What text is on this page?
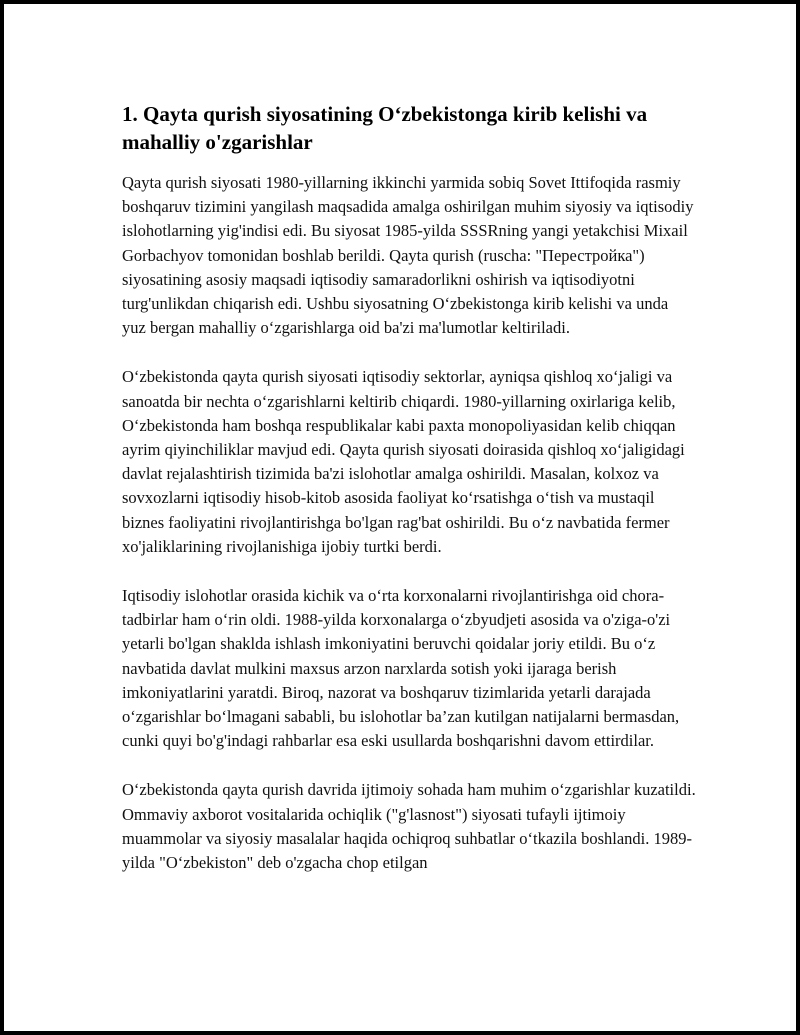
1. Qayta qurish siyosatining O‘zbekistonga kirib kelishi va mahalliy o'zgarishlar

Qayta qurish siyosati 1980-yillarning ikkinchi yarmida sobiq Sovet Ittifoqida rasmiy boshqaruv tizimini yangilash maqsadida amalga oshirilgan muhim siyosiy va iqtisodiy islohotlarning yig'indisi edi. Bu siyosat 1985-yilda SSSRning yangi yetakchisi Mixail Gorbachyov tomonidan boshlab berildi. Qayta qurish (ruscha: "Перестройка") siyosatining asosiy maqsadi iqtisodiy samaradorlikni oshirish va iqtisodiyotni turg'unlikdan chiqarish edi. Ushbu siyosatning O‘zbekistonga kirib kelishi va unda yuz bergan mahalliy o‘zgarishlarga oid ba'zi ma'lumotlar keltiriladi.

O‘zbekistonda qayta qurish siyosati iqtisodiy sektorlar, ayniqsa qishloq xo‘jaligi va sanoatda bir nechta o‘zgarishlarni keltirib chiqardi. 1980-yillarning oxirlariga kelib, O‘zbekistonda ham boshqa respublikalar kabi paxta monopoliyasidan kelib chiqqan ayrim qiyinchiliklar mavjud edi. Qayta qurish siyosati doirasida qishloq xo‘jaligidagi davlat rejalashtirish tizimida ba'zi islohotlar amalga oshirildi. Masalan, kolxoz va sovxozlarni iqtisodiy hisob-kitob asosida faoliyat ko‘rsatishga o‘tish va mustaqil biznes faoliyatini rivojlantirishga bo'lgan rag'bat oshirildi. Bu o‘z navbatida fermer xo'jaliklarining rivojlanishiga ijobiy turtki berdi.

Iqtisodiy islohotlar orasida kichik va o‘rta korxonalarni rivojlantirishga oid chora-tadbirlar ham o‘rin oldi. 1988-yilda korxonalarga o‘zbyudjeti asosida va o'ziga-o'zi yetarli bo'lgan shaklda ishlash imkoniyatini beruvchi qoidalar joriy etildi. Bu o‘z navbatida davlat mulkini maxsus arzon narxlarda sotish yoki ijaraga berish imkoniyatlarini yaratdi. Biroq, nazorat va boshqaruv tizimlarida yetarli darajada o‘zgarishlar bo‘lmagani sababli, bu islohotlar ba’zan kutilgan natijalarni bermasdan, cunki quyi bo'g'indagi rahbarlar esa eski usullarda boshqarishni davom ettirdilar.

O‘zbekistonda qayta qurish davrida ijtimoiy sohada ham muhim o‘zgarishlar kuzatildi. Ommaviy axborot vositalarida ochiqlik ("g'lasnost") siyosati tufayli ijtimoiy muammolar va siyosiy masalalar haqida ochiqroq suhbatlar o‘tkazila boshlandi. 1989-yilda "O‘zbekiston" deb o'zgacha chop etilgan
